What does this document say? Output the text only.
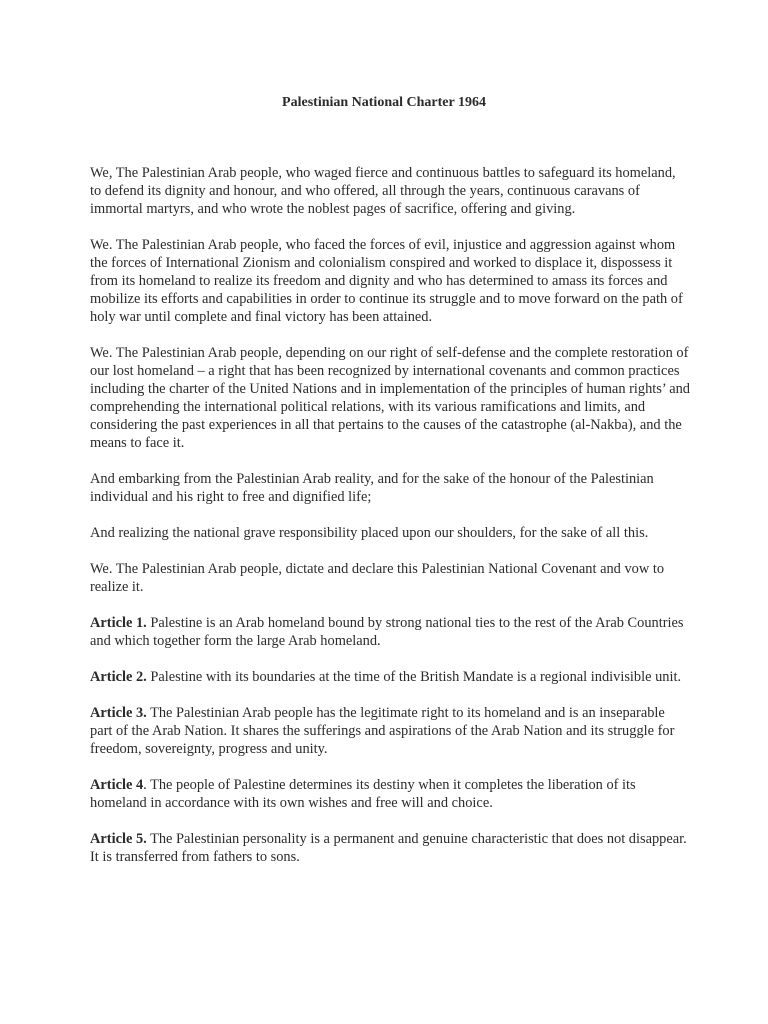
Palestinian National Charter 1964

We, The Palestinian Arab people, who waged fierce and continuous battles to safeguard its homeland, to defend its dignity and honour, and who offered, all through the years, continuous caravans of immortal martyrs, and who wrote the noblest pages of sacrifice, offering and giving.

We. The Palestinian Arab people, who faced the forces of evil, injustice and aggression against whom the forces of International Zionism and colonialism conspired and worked to displace it, dispossess it from its homeland to realize its freedom and dignity and who has determined to amass its forces and mobilize its efforts and capabilities in order to continue its struggle and to move forward on the path of holy war until complete and final victory has been attained.

We. The Palestinian Arab people, depending on our right of self-defense and the complete restoration of our lost homeland – a right that has been recognized by international covenants and common practices including the charter of the United Nations and in implementation of the principles of human rights’ and comprehending the international political relations, with its various ramifications and limits, and considering the past experiences in all that pertains to the causes of the catastrophe (al-Nakba), and the means to face it.

And embarking from the Palestinian Arab reality, and for the sake of the honour of the Palestinian individual and his right to free and dignified life;

And realizing the national grave responsibility placed upon our shoulders, for the sake of all this.

We. The Palestinian Arab people, dictate and declare this Palestinian National Covenant and vow to realize it.

Article 1. Palestine is an Arab homeland bound by strong national ties to the rest of the Arab Countries and which together form the large Arab homeland.

Article 2. Palestine with its boundaries at the time of the British Mandate is a regional indivisible unit.

Article 3. The Palestinian Arab people has the legitimate right to its homeland and is an inseparable part of the Arab Nation. It shares the sufferings and aspirations of the Arab Nation and its struggle for freedom, sovereignty, progress and unity.

Article 4. The people of Palestine determines its destiny when it completes the liberation of its homeland in accordance with its own wishes and free will and choice.

Article 5. The Palestinian personality is a permanent and genuine characteristic that does not disappear. It is transferred from fathers to sons.
